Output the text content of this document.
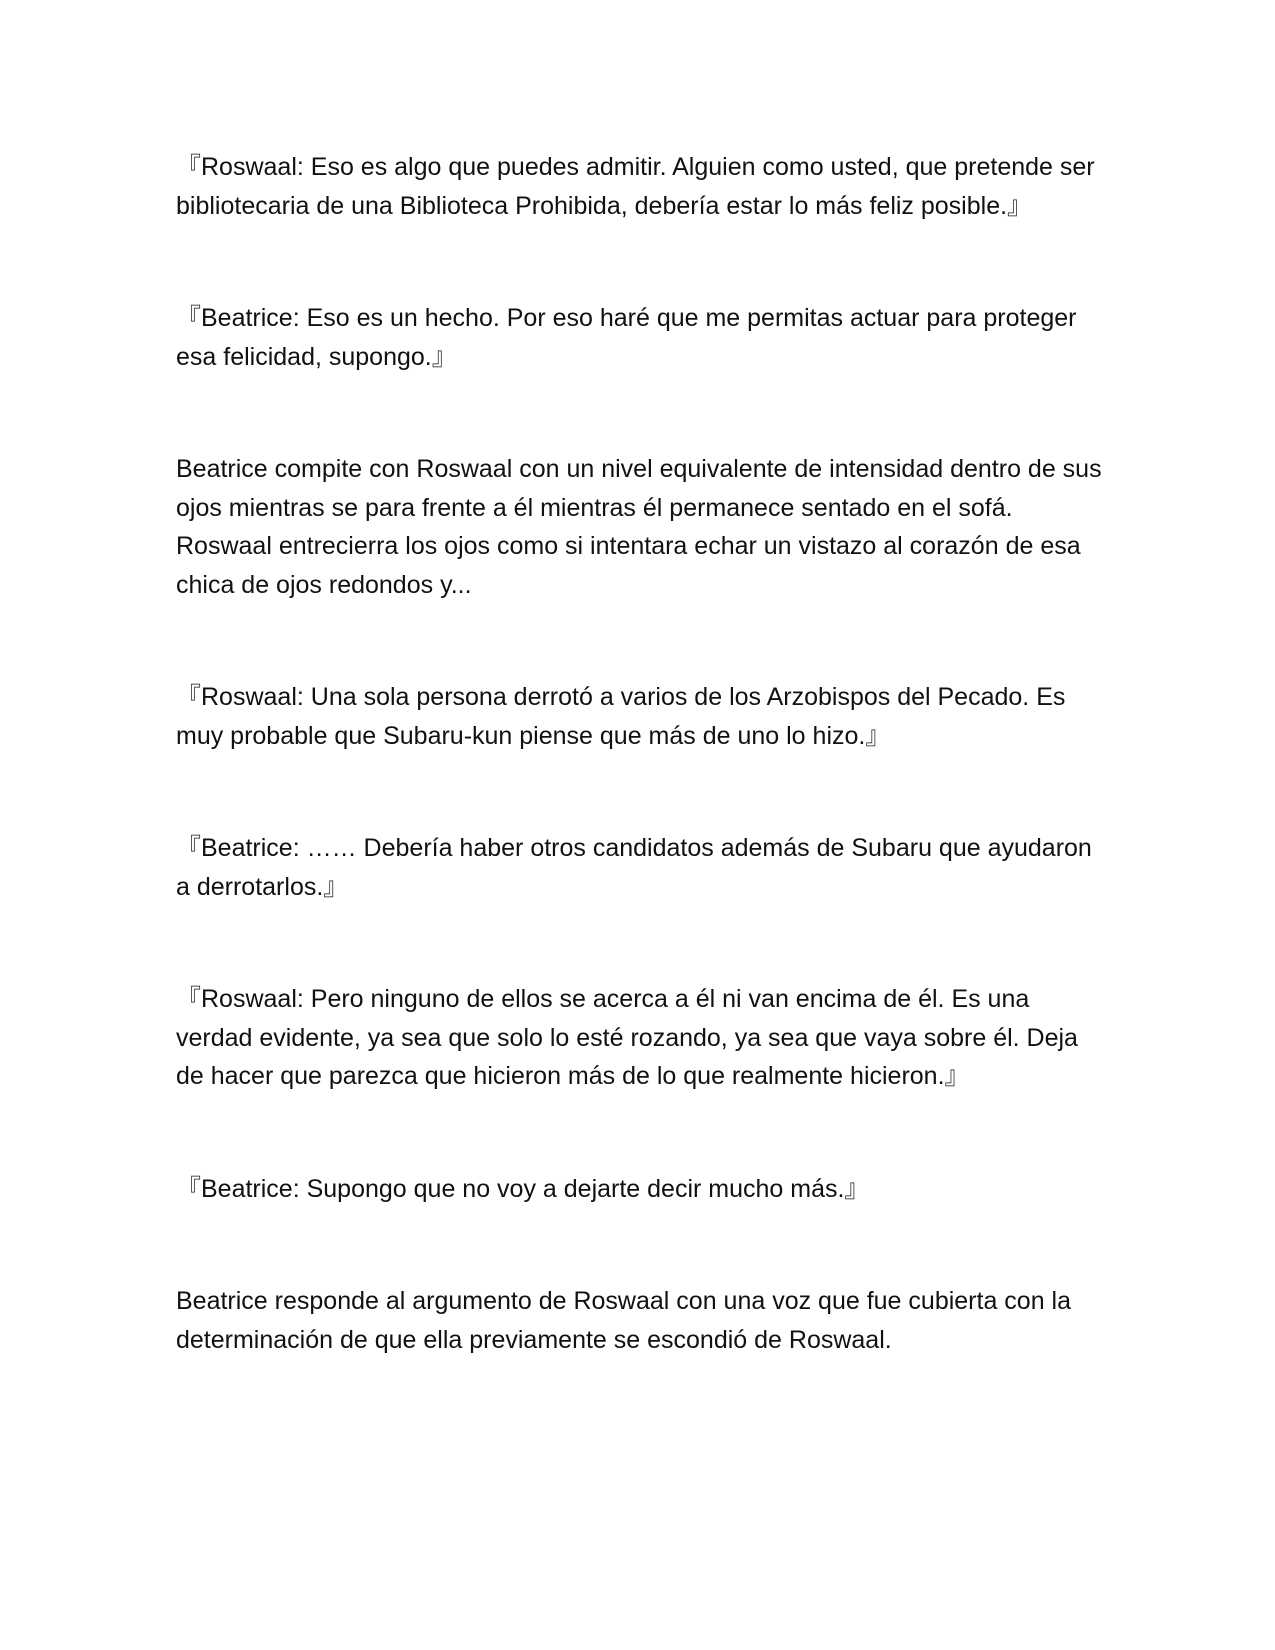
『Roswaal: Eso es algo que puedes admitir. Alguien como usted, que pretende ser bibliotecaria de una Biblioteca Prohibida, debería estar lo más feliz posible.』

『Beatrice: Eso es un hecho. Por eso haré que me permitas actuar para proteger esa felicidad, supongo.』

Beatrice compite con Roswaal con un nivel equivalente de intensidad dentro de sus ojos mientras se para frente a él mientras él permanece sentado en el sofá. Roswaal entrecierra los ojos como si intentara echar un vistazo al corazón de esa chica de ojos redondos y...

『Roswaal: Una sola persona derrotó a varios de los Arzobispos del Pecado. Es muy probable que Subaru-kun piense que más de uno lo hizo.』

『Beatrice: …… Debería haber otros candidatos además de Subaru que ayudaron a derrotarlos.』

『Roswaal: Pero ninguno de ellos se acerca a él ni van encima de él. Es una verdad evidente, ya sea que solo lo esté rozando, ya sea que vaya sobre él. Deja de hacer que parezca que hicieron más de lo que realmente hicieron.』

『Beatrice: Supongo que no voy a dejarte decir mucho más.』

Beatrice responde al argumento de Roswaal con una voz que fue cubierta con la determinación de que ella previamente se escondió de Roswaal.
